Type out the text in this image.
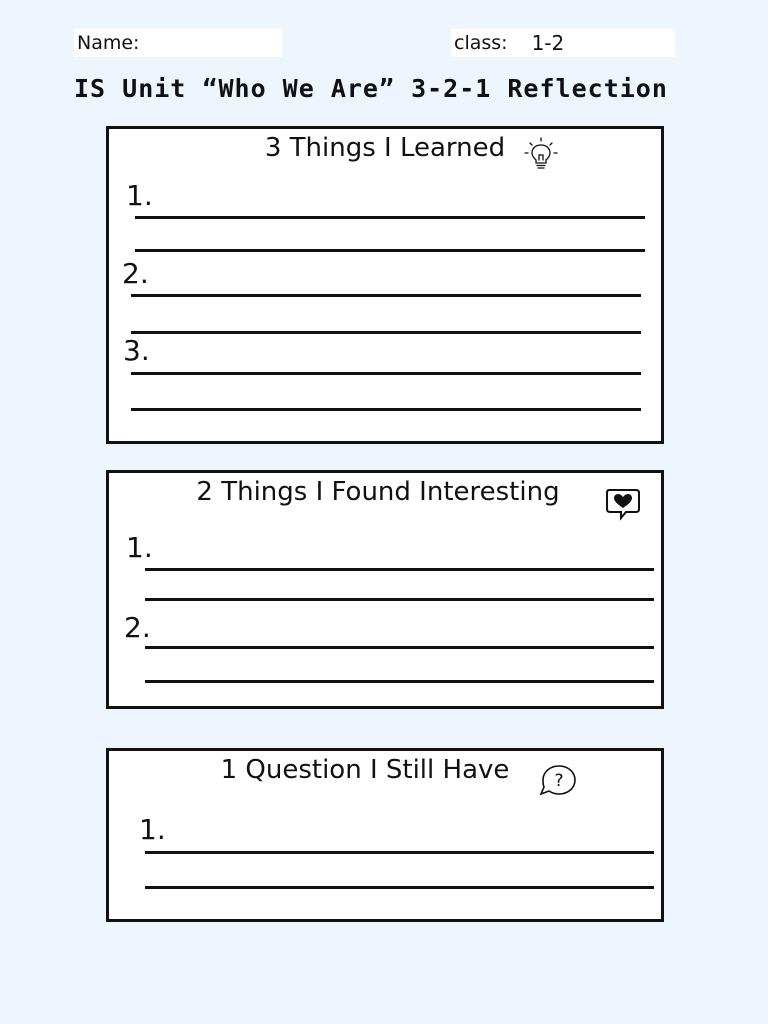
Name:	class: 1-2
IS Unit “Who We Are” 3-2-1 Reflection
3 Things I Learned
1.
2.
3.
2 Things I Found Interesting
1.
2.
1 Question I Still Have	?
1.
